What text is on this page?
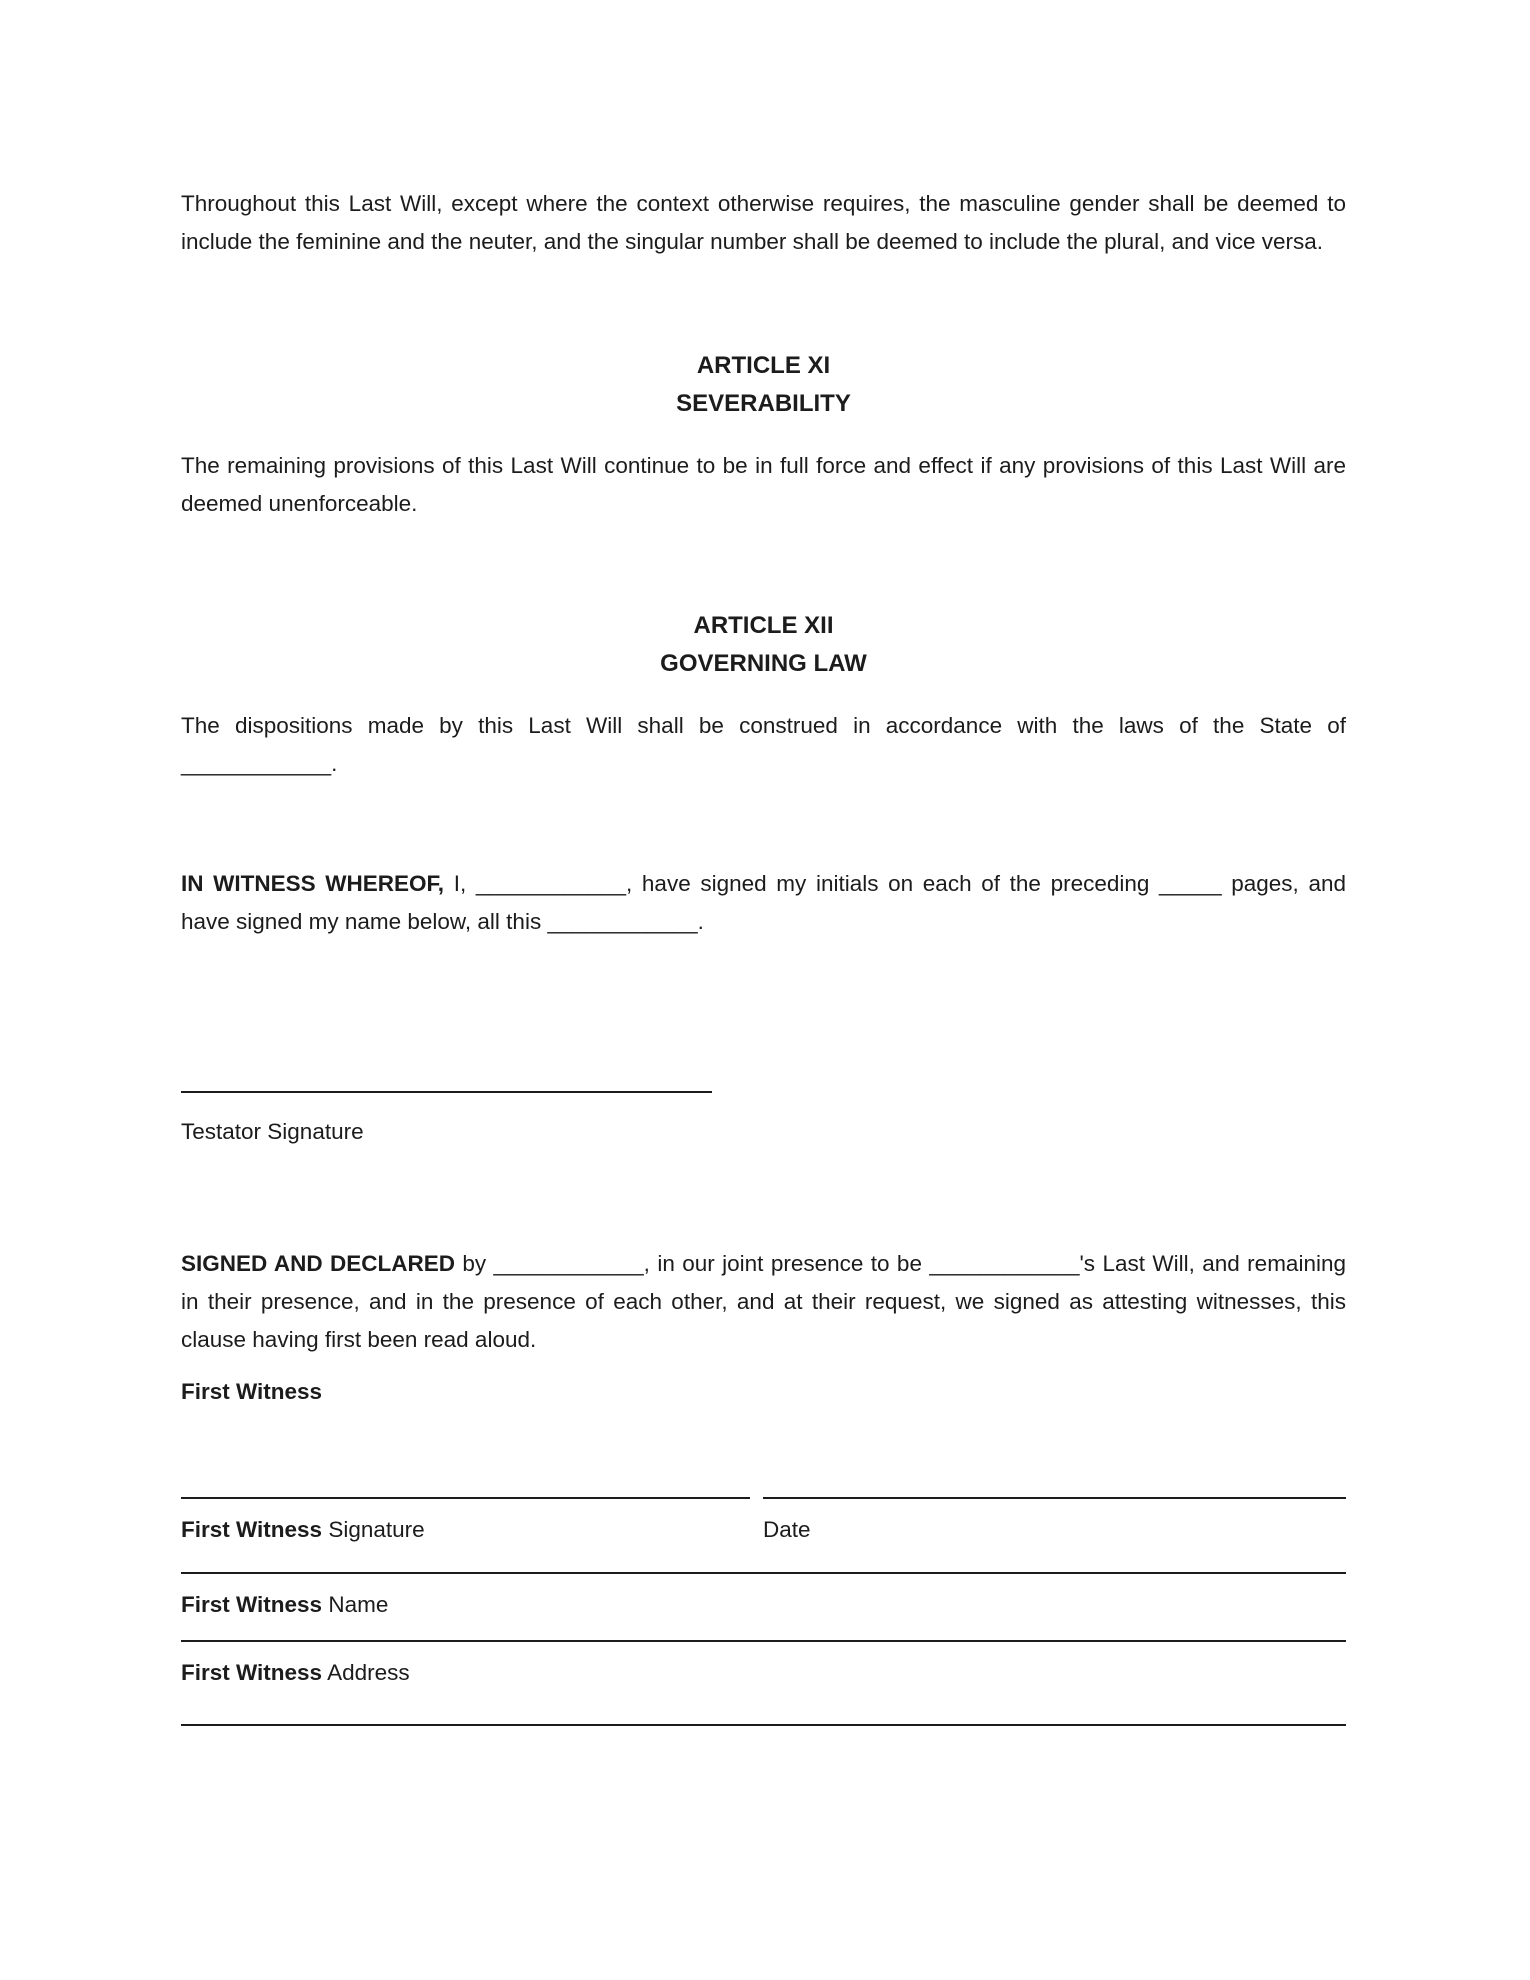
Throughout this Last Will, except where the context otherwise requires, the masculine gender shall be deemed to include the feminine and the neuter, and the singular number shall be deemed to include the plural, and vice versa.

ARTICLE XI
SEVERABILITY

The remaining provisions of this Last Will continue to be in full force and effect if any provisions of this Last Will are deemed unenforceable.

ARTICLE XII
GOVERNING LAW

The dispositions made by this Last Will shall be construed in accordance with the laws of the State of ____________.

IN WITNESS WHEREOF, I, ____________, have signed my initials on each of the preceding _____ pages, and have signed my name below, all this ____________.

Testator Signature

SIGNED AND DECLARED by ____________, in our joint presence to be ____________'s Last Will, and remaining in their presence, and in the presence of each other, and at their request, we signed as attesting witnesses, this clause having first been read aloud.

First Witness

First Witness Signature	Date
First Witness Name
First Witness Address
